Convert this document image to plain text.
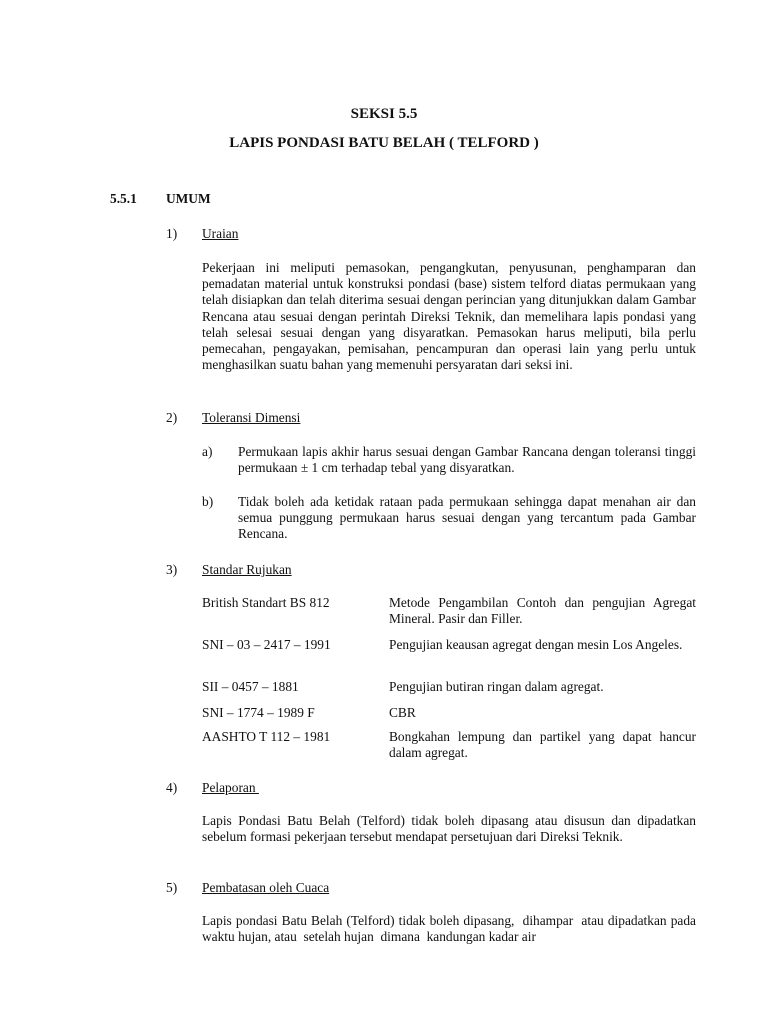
SEKSI 5.5
LAPIS PONDASI BATU BELAH ( TELFORD )
5.5.1 UMUM
1) Uraian
Pekerjaan ini meliputi pemasokan, pengangkutan, penyusunan, penghamparan dan pemadatan material untuk konstruksi pondasi (base) sistem telford diatas permukaan yang telah disiapkan dan telah diterima sesuai dengan perincian yang ditunjukkan dalam Gambar Rencana atau sesuai dengan perintah Direksi Teknik, dan memelihara lapis pondasi yang telah selesai sesuai dengan yang disyaratkan. Pemasokan harus meliputi, bila perlu pemecahan, pengayakan, pemisahan, pencampuran dan operasi lain yang perlu untuk menghasilkan suatu bahan yang memenuhi persyaratan dari seksi ini.
2) Toleransi Dimensi
a) Permukaan lapis akhir harus sesuai dengan Gambar Rancana dengan toleransi tinggi permukaan ± 1 cm terhadap tebal yang disyaratkan.
b) Tidak boleh ada ketidak rataan pada permukaan sehingga dapat menahan air dan semua punggung permukaan harus sesuai dengan yang tercantum pada Gambar Rencana.
3) Standar Rujukan
British Standart BS 812	Metode Pengambilan Contoh dan pengujian Agregat Mineral. Pasir dan Filler.
SNI – 03 – 2417 – 1991	Pengujian keausan agregat dengan mesin Los Angeles.
SII – 0457 – 1881	Pengujian butiran ringan dalam agregat.
SNI – 1774 – 1989 F	CBR
AASHTO T 112 – 1981	Bongkahan lempung dan partikel yang dapat hancur dalam agregat.
4) Pelaporan
Lapis Pondasi Batu Belah (Telford) tidak boleh dipasang atau disusun dan dipadatkan sebelum formasi pekerjaan tersebut mendapat persetujuan dari Direksi Teknik.
5) Pembatasan oleh Cuaca
Lapis pondasi Batu Belah (Telford) tidak boleh dipasang,  dihampar  atau dipadatkan pada waktu hujan, atau  setelah hujan  dimana  kandungan kadar air
